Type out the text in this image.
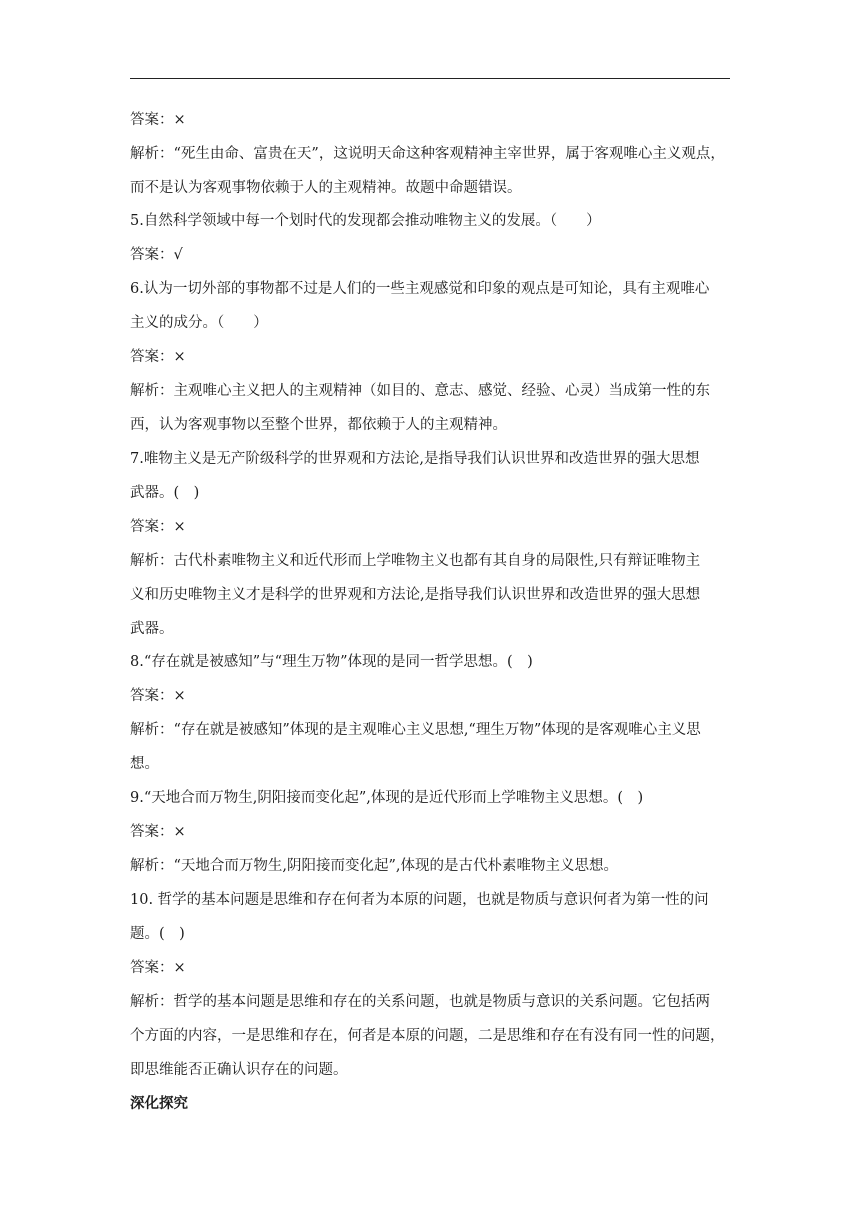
答案：×
解析：“死生由命、富贵在天”，这说明天命这种客观精神主宰世界，属于客观唯心主义观点，
而不是认为客观事物依赖于人的主观精神。故题中命题错误。
5.自然科学领域中每一个划时代的发现都会推动唯物主义的发展。（　　）
答案：√
6.认为一切外部的事物都不过是人们的一些主观感觉和印象的观点是可知论，具有主观唯心
主义的成分。（　　）
答案：×
解析：主观唯心主义把人的主观精神（如目的、意志、感觉、经验、心灵）当成第一性的东
西，认为客观事物以至整个世界，都依赖于人的主观精神。
7.唯物主义是无产阶级科学的世界观和方法论,是指导我们认识世界和改造世界的强大思想
武器。(　)
答案：×
解析：古代朴素唯物主义和近代形而上学唯物主义也都有其自身的局限性,只有辩证唯物主
义和历史唯物主义才是科学的世界观和方法论,是指导我们认识世界和改造世界的强大思想
武器。
8.“存在就是被感知”与“理生万物”体现的是同一哲学思想。(　)
答案：×
解析：“存在就是被感知”体现的是主观唯心主义思想,“理生万物”体现的是客观唯心主义思
想。
9.“天地合而万物生,阴阳接而变化起”,体现的是近代形而上学唯物主义思想。(　)
答案：×
解析：“天地合而万物生,阴阳接而变化起”,体现的是古代朴素唯物主义思想。
10. 哲学的基本问题是思维和存在何者为本原的问题，也就是物质与意识何者为第一性的问
题。(　)
答案：×
解析：哲学的基本问题是思维和存在的关系问题，也就是物质与意识的关系问题。它包括两
个方面的内容，一是思维和存在，何者是本原的问题，二是思维和存在有没有同一性的问题，
即思维能否正确认识存在的问题。
深化探究
